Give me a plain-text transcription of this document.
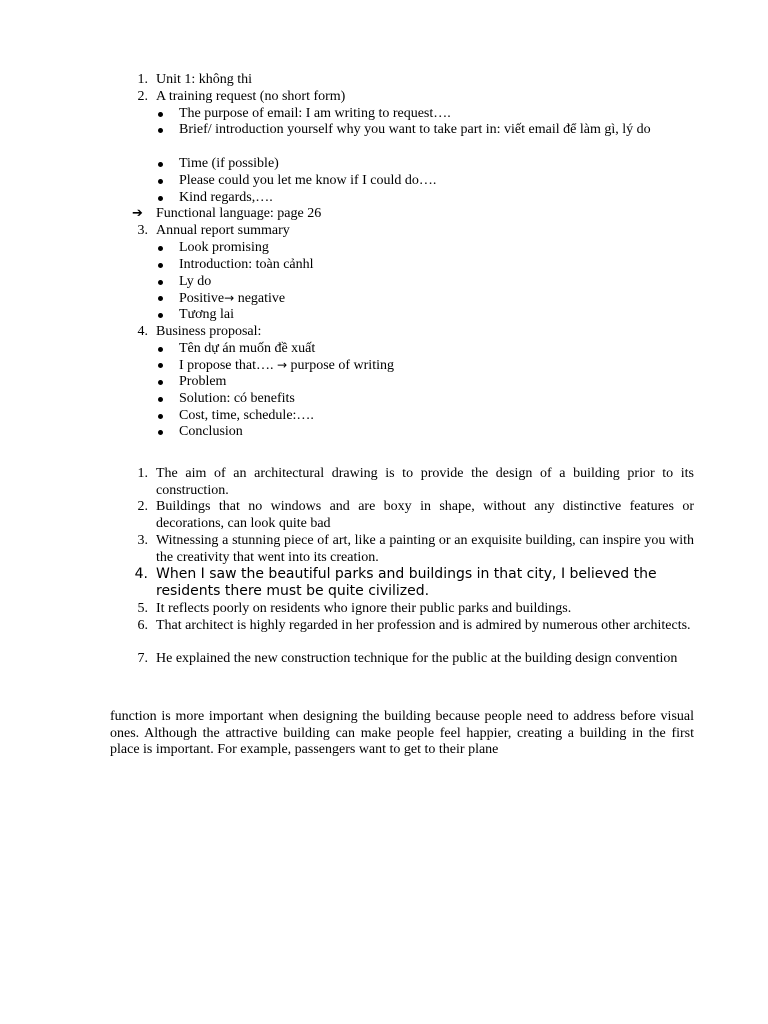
1. Unit 1: không thi
2. A training request (no short form)
The purpose of email: I am writing to request….
Brief/ introduction yourself why you want to take part in: viết email để làm gì, lý do
Time (if possible)
Please could you let me know if I could do….
Kind regards,….
➔ Functional language: page 26
3. Annual report summary
Look promising
Introduction: toàn cảnhl
Ly do
Positive→ negative
Tương lai
4. Business proposal:
Tên dự án muốn đề xuất
I propose that…. → purpose of writing
Problem
Solution: có benefits
Cost, time, schedule:….
Conclusion
1. The aim of an architectural drawing is to provide the design of a building prior to its construction.
2. Buildings that no windows and are boxy in shape, without any distinctive features or decorations, can look quite bad
3. Witnessing a stunning piece of art, like a painting or an exquisite building, can inspire you with the creativity that went into its creation.
4. When I saw the beautiful parks and buildings in that city, I believed the residents there must be quite civilized.
5. It reflects poorly on residents who ignore their public parks and buildings.
6. That architect is highly regarded in her profession and is admired by numerous other architects.
7. He explained the new construction technique for the public at the building design convention
function is more important when designing the building because people need to address before visual ones. Although the attractive building can make people feel happier, creating a building in the first place is important. For example, passengers want to get to their plane
